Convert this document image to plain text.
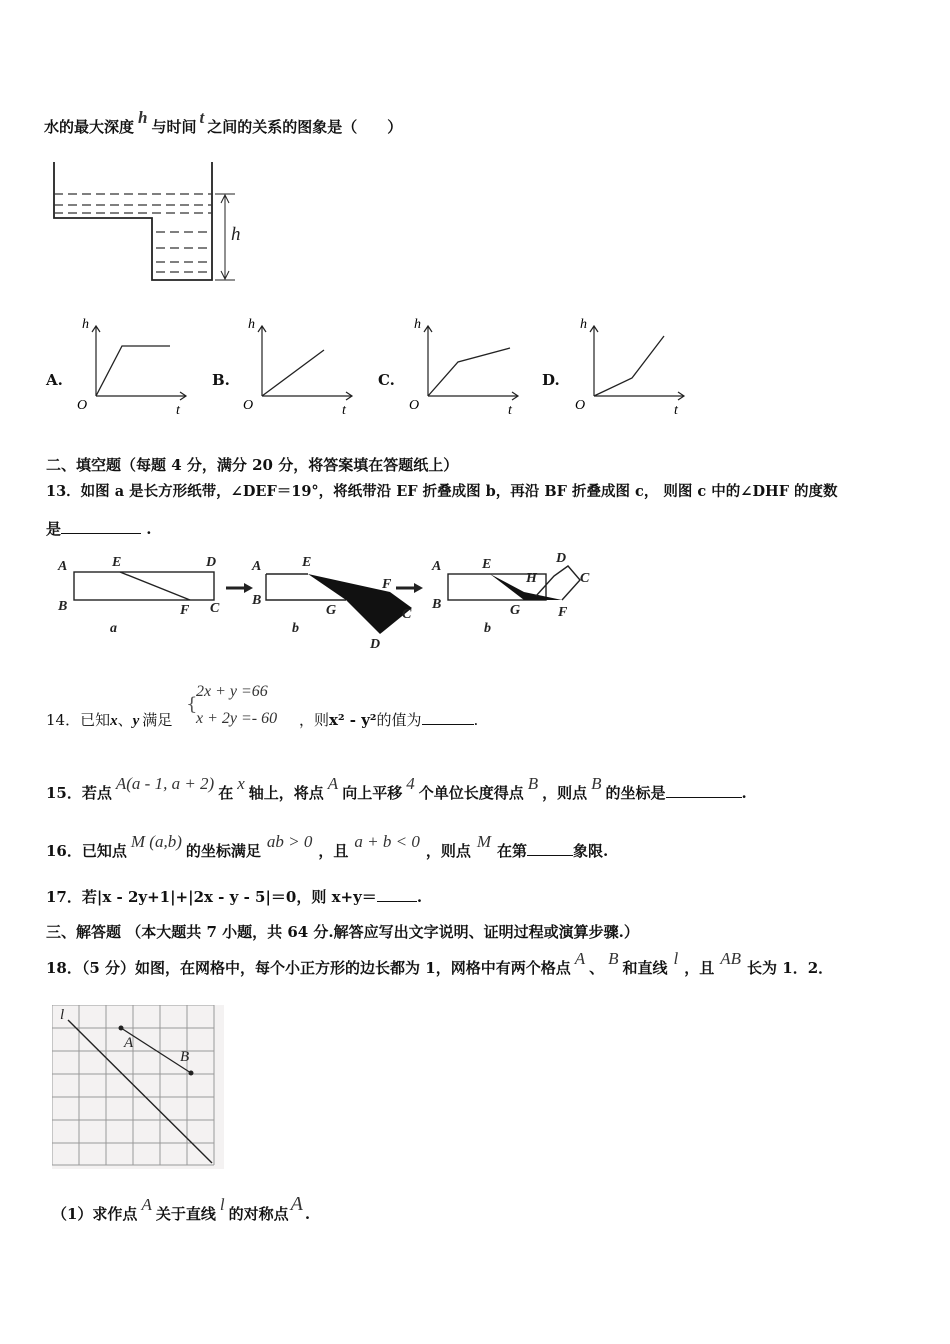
水的最大深度 h 与时间 t 之间的关系的图象是（　　）
h
A.
h
t
O
B.
h
t
O
C.
h
t
O
D.
h
t
O
二、填空题（每题 4 分，满分 20 分，将答案填在答题纸上）
13．如图 a 是长方形纸带，∠DEF＝19°，将纸带沿 EF 折叠成图 b，再沿 BF 折叠成图 c， 则图 c 中的∠DHF 的度数
是	.
A	E	D
B	F C
a
A	E
B
G
F
C
D
b
A	E	D
H	C
B	G	F
b
14．已知x、y 满足
{
2x + y =66
x + 2y =- 60 ，则x² - y²的值为	.
15．若点 A(a - 1, a + 2) 在 x 轴上，将点 A 向上平移 4 个单位长度得点 B ，则点 B 的坐标是	.
16．已知点 M (a,b) 的坐标满足 ab > 0 ，且 a + b < 0 ，则点 M 在第	象限.
17．若|x - 2y+1|+|2x - y - 5|＝0，则 x+y＝	.
三、解答题 （本大题共 7 小题，共 64 分.解答应写出文字说明、证明过程或演算步骤.）
18．（5 分）如图，在网格中，每个小正方形的边长都为 1，网格中有两个格点 A 、 B 和直线 l ，且 AB 长为 1．2．
l
A
B
（1）求作点 A 关于直线 l 的对称点 A .
